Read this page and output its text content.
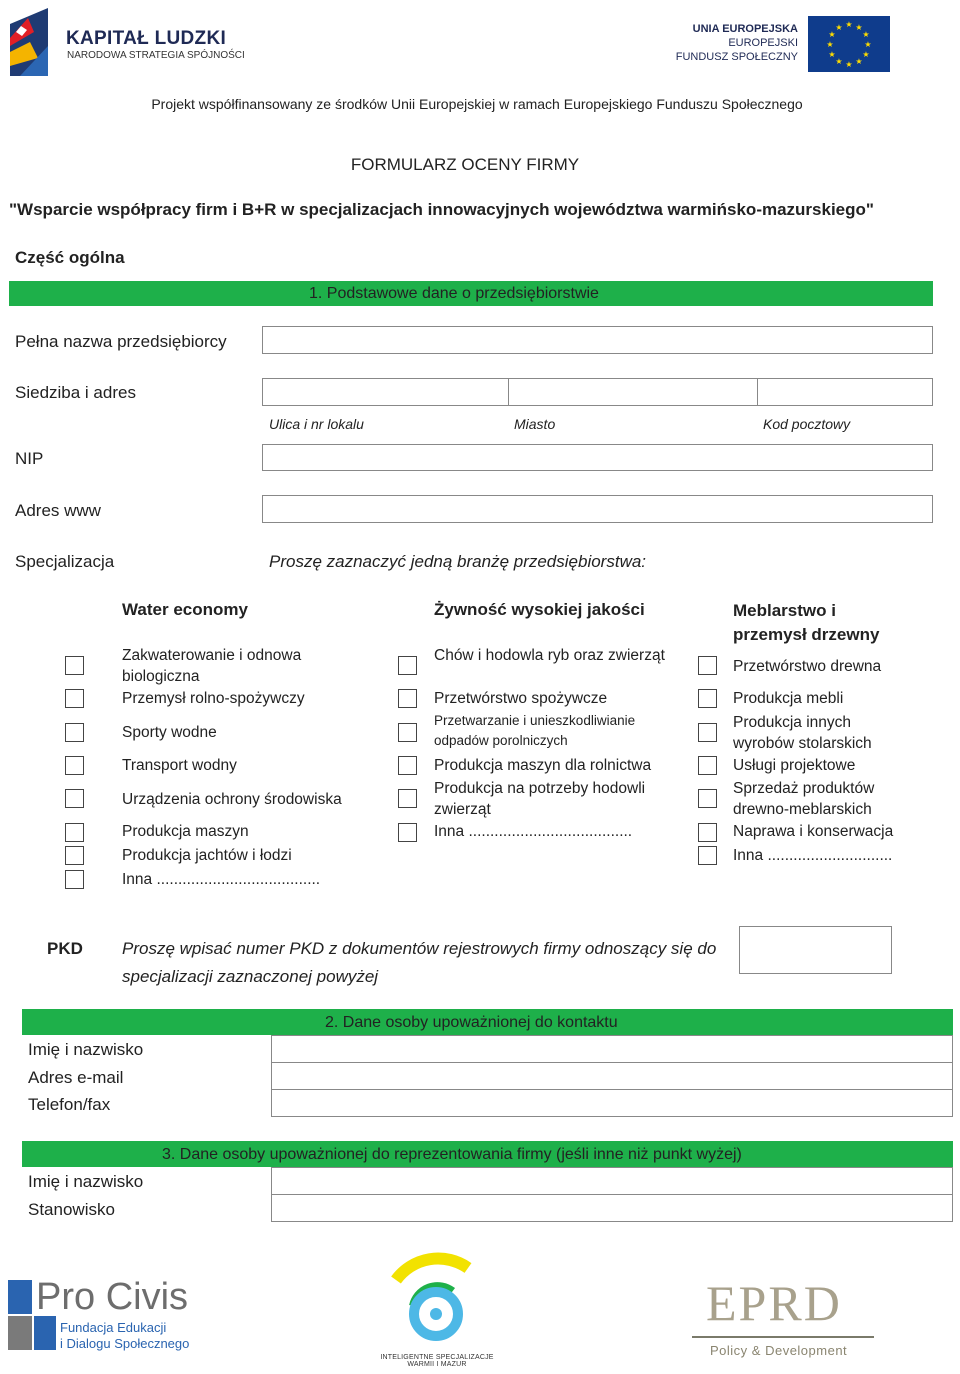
KAPITAŁ LUDZKI
NARODOWA STRATEGIA SPÓJNOŚCI
UNIA EUROPEJSKA
EUROPEJSKI
FUNDUSZ SPOŁECZNY
★ ★
★
★
★
★
★
★
★
★
★
★
Projekt współfinansowany ze środków Unii Europejskiej w ramach Europejskiego Funduszu Społecznego
FORMULARZ OCENY FIRMY
"Wsparcie współpracy firm i B+R w specjalizacjach innowacyjnych województwa warmińsko-mazurskiego"
Część ogólna
1. Podstawowe dane o przedsiębiorstwie
Pełna nazwa przedsiębiorcy
Siedziba i adres
Ulica i nr lokalu	Miasto	Kod pocztowy
NIP
Adres www
Specjalizacja	Proszę zaznaczyć jedną branżę przedsiębiorstwa:
Water economy
Zakwaterowanie i odnowa biologiczna
Przemysł rolno-spożywczy
Sporty wodne
Transport wodny
Urządzenia ochrony środowiska
Produkcja maszyn
Produkcja jachtów i łodzi
Inna ......................................
Żywność wysokiej jakości
Chów i hodowla ryb oraz zwierząt
Przetwórstwo spożywcze
Przetwarzanie i unieszkodliwianie odpadów porolniczych
Produkcja maszyn dla rolnictwa
Produkcja na potrzeby hodowli zwierząt
Inna ......................................
Meblarstwo i przemysł drzewny
Przetwórstwo drewna
Produkcja mebli
Produkcja innych wyrobów stolarskich
Usługi projektowe
Sprzedaż produktów drewno-meblarskich
Naprawa i konserwacja
Inna .............................
PKD Proszę wpisać numer PKD z dokumentów rejestrowych firmy odnoszący się do specjalizacji zaznaczonej powyżej
2. Dane osoby upoważnionej do kontaktu
Imię i nazwisko
Adres e-mail
Telefon/fax
3. Dane osoby upoważnionej do reprezentowania firmy (jeśli inne niż punkt wyżej)
Imię i nazwisko
Stanowisko
Pro Civis
Fundacja Edukacji
i Dialogu Społecznego
INTELIGENTNE SPECJALIZACJE WARMII I MAZUR
EPRD
Policy & Development
